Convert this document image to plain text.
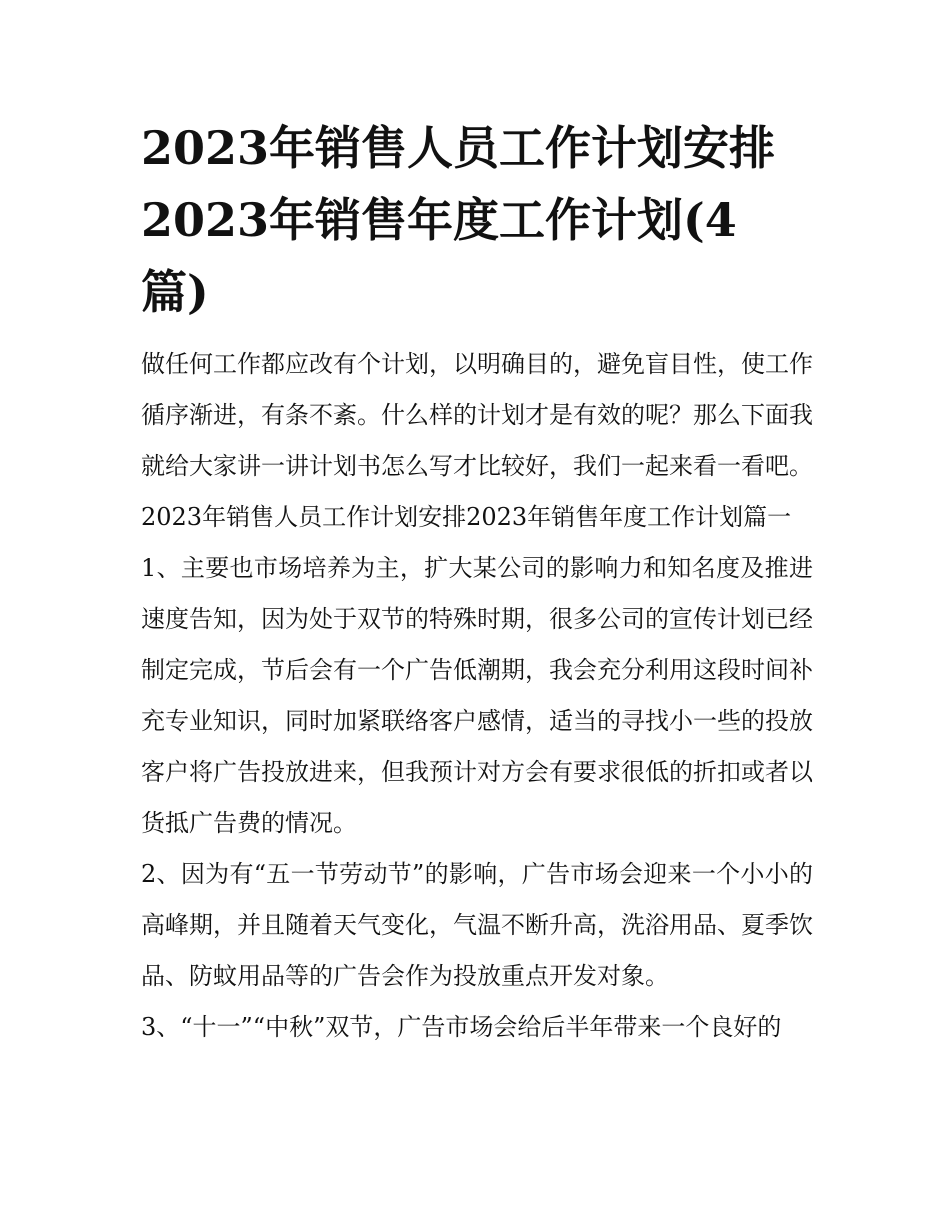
2023年销售人员工作计划安排
2023年销售年度工作计划(4
篇)

做任何工作都应改有个计划，以明确目的，避免盲目性，使工作循序渐进，有条不紊。什么样的计划才是有效的呢？那么下面我就给大家讲一讲计划书怎么写才比较好，我们一起来看一看吧。

2023年销售人员工作计划安排2023年销售年度工作计划篇一

1、主要也市场培养为主，扩大某公司的影响力和知名度及推进速度告知，因为处于双节的特殊时期，很多公司的宣传计划已经制定完成，节后会有一个广告低潮期，我会充分利用这段时间补充专业知识，同时加紧联络客户感情，适当的寻找小一些的投放客户将广告投放进来，但我预计对方会有要求很低的折扣或者以货抵广告费的情况。

2、因为有“五一节劳动节”的影响，广告市场会迎来一个小小的高峰期，并且随着天气变化，气温不断升高，洗浴用品、夏季饮品、防蚊用品等的广告会作为投放重点开发对象。

3、“十一”“中秋”双节，广告市场会给后半年带来一个良好的
